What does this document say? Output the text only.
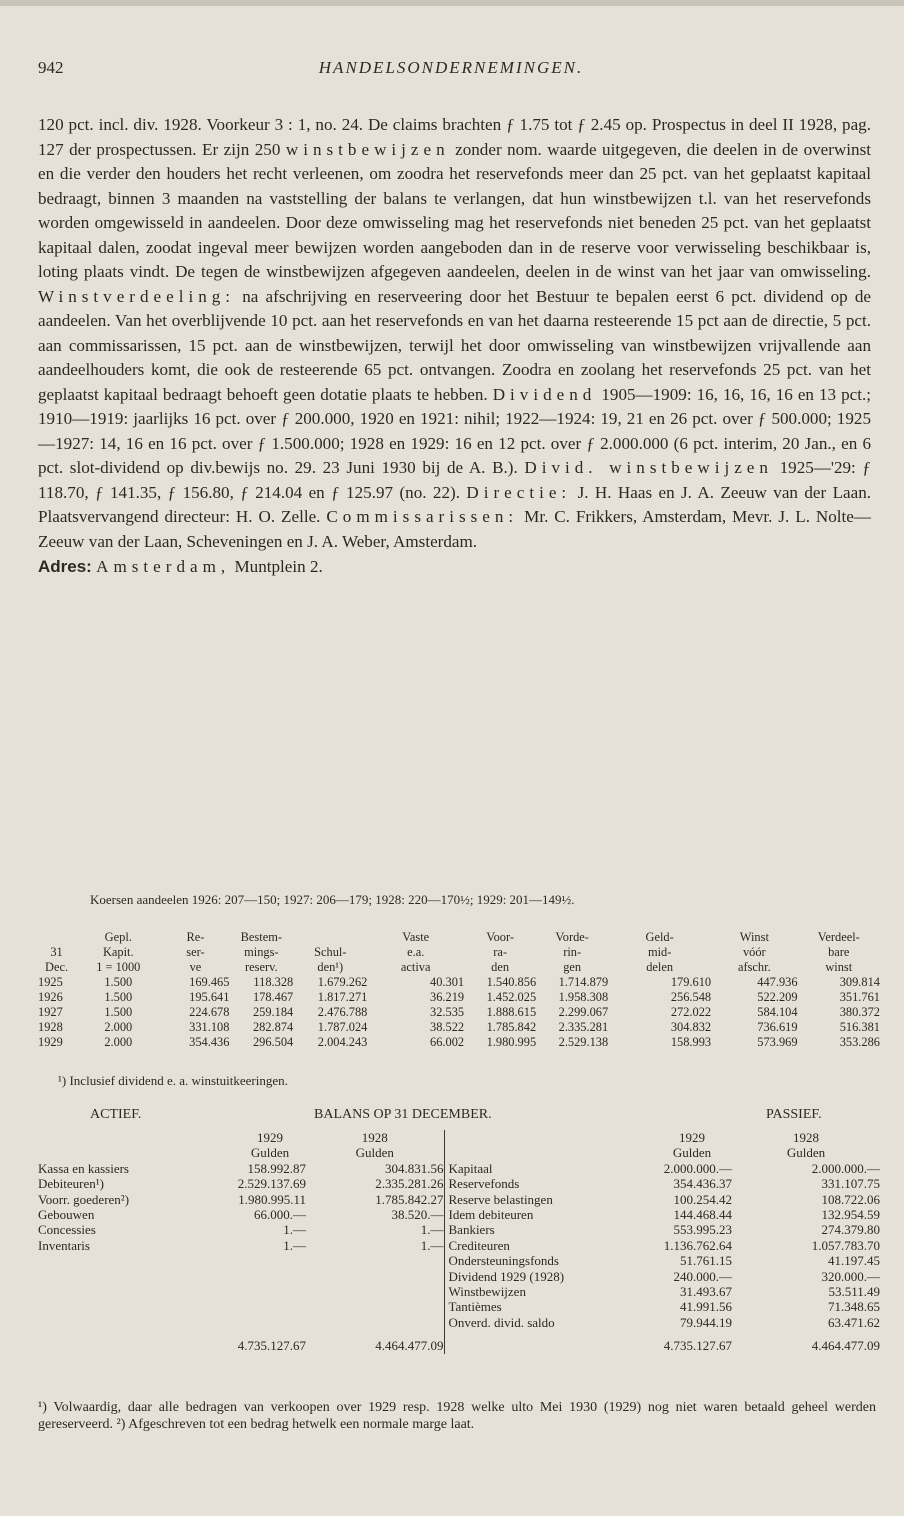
942	HANDELSONDERNEMINGEN.

120 pct. incl. div. 1928. Voorkeur 3 : 1, no. 24. De claims brachten ƒ 1.75 tot ƒ 2.45 op. Prospectus in deel II 1928, pag. 127 der prospectussen. Er zijn 250 winstbewijzen zonder nom. waarde uitgegeven, die deelen in de overwinst en die verder den houders het recht verleenen, om zoodra het reservefonds meer dan 25 pct. van het geplaatst kapitaal bedraagt, binnen 3 maanden na vaststelling der balans te verlangen, dat hun winstbewijzen t.l. van het reservefonds worden omgewisseld in aandeelen. Door deze omwisseling mag het reservefonds niet beneden 25 pct. van het geplaatst kapitaal dalen, zoodat ingeval meer bewijzen worden aangeboden dan in de reserve voor verwisseling beschikbaar is, loting plaats vindt. De tegen de winstbewijzen afgegeven aandeelen, deelen in de winst van het jaar van omwisseling. Winstverdeeling: na afschrijving en reserveering door het Bestuur te bepalen eerst 6 pct. dividend op de aandeelen. Van het overblijvende 10 pct. aan het reservefonds en van het daarna resteerende 15 pct aan de directie, 5 pct. aan commissarissen, 15 pct. aan de winstbewijzen, terwijl het door omwisseling van winstbewijzen vrijvallende aan aandeelhouders komt, die ook de resteerende 65 pct. ontvangen. Zoodra en zoolang het reservefonds 25 pct. van het geplaatst kapitaal bedraagt behoeft geen dotatie plaats te hebben. Dividend 1905—1909: 16, 16, 16, 16 en 13 pct.; 1910—1919: jaarlijks 16 pct. over ƒ 200.000, 1920 en 1921: nihil; 1922—1924: 19, 21 en 26 pct. over ƒ 500.000; 1925—1927: 14, 16 en 16 pct. over ƒ 1.500.000; 1928 en 1929: 16 en 12 pct. over ƒ 2.000.000 (6 pct. interim, 20 Jan., en 6 pct. slot-dividend op div.bewijs no. 29. 23 Juni 1930 bij de A. B.). Divid. winstbewijzen 1925—'29: ƒ 118.70, ƒ 141.35, ƒ 156.80, ƒ 214.04 en ƒ 125.97 (no. 22). Directie: J. H. Haas en J. A. Zeeuw van der Laan. Plaatsvervangend directeur: H. O. Zelle. Commissarissen: Mr. C. Frikkers, Amsterdam, Mevr. J. L. Nolte—Zeeuw van der Laan, Scheveningen en J. A. Weber, Amsterdam.

Adres: Amsterdam, Muntplein 2.

Koersen aandeelen 1926: 207—150; 1927: 206—179; 1928: 220—170½; 1929: 201—149½.
	Gepl.	Re-	Bestem-		Vaste	Voor-	Vorde-	Geld-	Winst	Verdeel-
31	Kapit.	ser-	mings-	Schul-	e.a.	ra-	rin-	mid-	vóór	bare
Dec.	1 = 1000	ve	reserv.	den¹)	activa	den	gen	delen	afschr.	winst
1925	1.500	169.465	118.328	1.679.262	40.301	1.540.856	1.714.879	179.610	447.936	309.814
1926	1.500	195.641	178.467	1.817.271	36.219	1.452.025	1.958.308	256.548	522.209	351.761
1927	1.500	224.678	259.184	2.476.788	32.535	1.888.615	2.299.067	272.022	584.104	380.372
1928	2.000	331.108	282.874	1.787.024	38.522	1.785.842	2.335.281	304.832	736.619	516.381
1929	2.000	354.436	296.504	2.004.243	66.002	1.980.995	2.529.138	158.993	573.969	353.286
¹) Inclusief dividend e. a. winstuitkeeringen.
ACTIEF.	BALANS OP 31 DECEMBER.	PASSIEF.
		1929	1928			1929	1928
		Gulden	Gulden			Gulden	Gulden
Kassa en kassiers		158.992.87	304.831.56	Kapitaal		2.000.000.—	2.000.000.—
Debiteuren¹)		2.529.137.69	2.335.281.26	Reservefonds		354.436.37	331.107.75
Voorr. goederen²)		1.980.995.11	1.785.842.27	Reserve belastingen		100.254.42	108.722.06
Gebouwen		66.000.—	38.520.—	Idem debiteuren		144.468.44	132.954.59
Concessies		1.—	1.—	Bankiers		553.995.23	274.379.80
Inventaris		1.—	1.—	Crediteuren		1.136.762.64	1.057.783.70
				Ondersteuningsfonds		51.761.15	41.197.45
				Dividend 1929 (1928)		240.000.—	320.000.—
				Winstbewijzen		31.493.67	53.511.49
				Tantièmes		41.991.56	71.348.65
				Onverd. divid. saldo		79.944.19	63.471.62
		4.735.127.67	4.464.477.09			4.735.127.67	4.464.477.09
¹) Volwaardig, daar alle bedragen van verkoopen over 1929 resp. 1928 welke ulto Mei 1930 (1929) nog niet waren betaald geheel werden gereserveerd. ²) Afgeschreven tot een bedrag hetwelk een normale marge laat.
